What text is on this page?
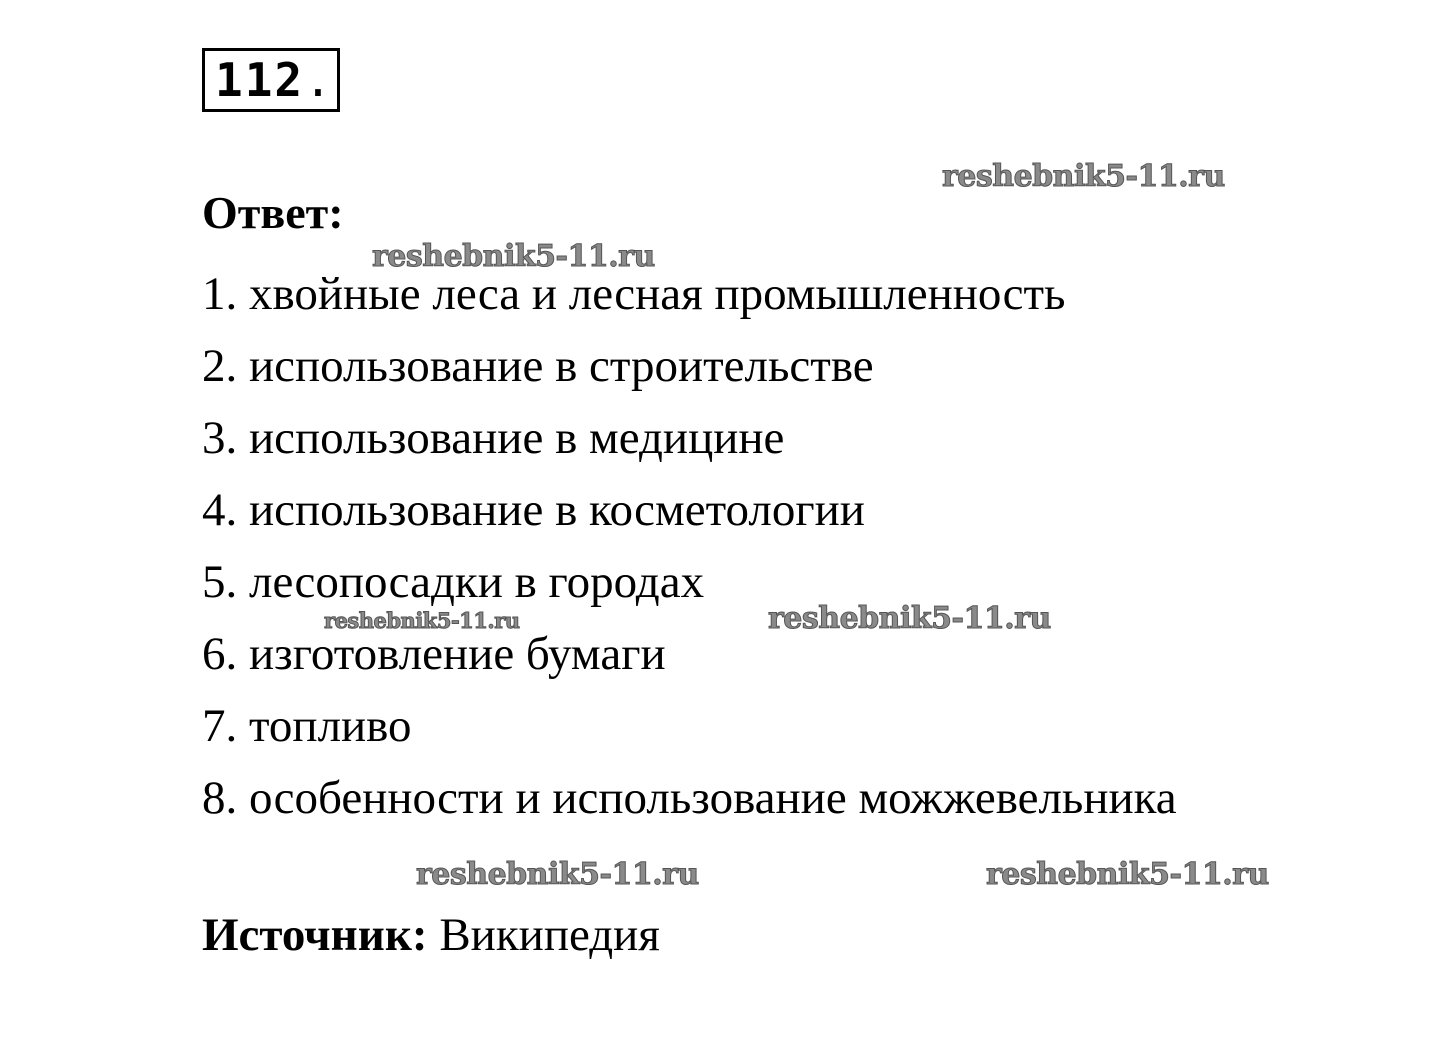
112 .
reshebnik5-11.ru
reshebnik5-11.ru
reshebnik5-11.ru	reshebnik5-11.ru
reshebnik5-11.ru	reshebnik5-11.ru
Ответ:
1. хвойные леса и лесная промышленность
2. использование в строительстве
3. использование в медицине
4. использование в косметологии
5. лесопосадки в городах
6. изготовление бумаги
7. топливо
8. особенности и использование можжевельника
Источник: Википедия
